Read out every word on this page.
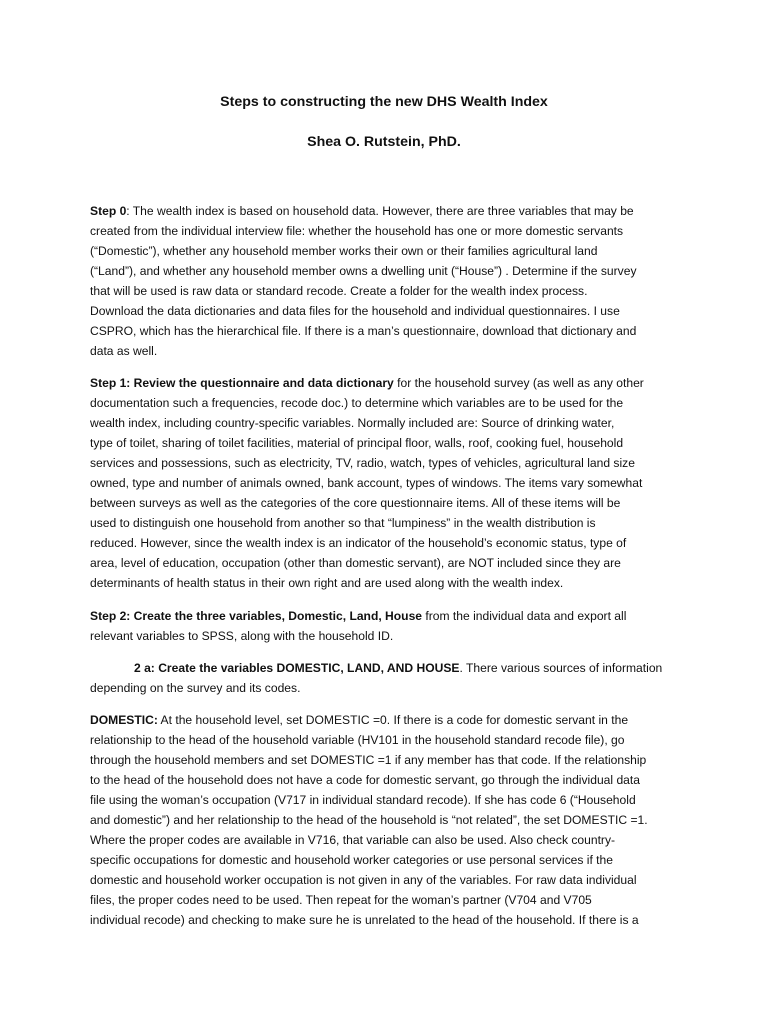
Steps to constructing the new DHS Wealth Index
Shea O. Rutstein, PhD.
Step 0: The wealth index is based on household data. However, there are three variables that may be
created from the individual interview file: whether the household has one or more domestic servants
(“Domestic”), whether any household member works their own or their families agricultural land
(“Land”), and whether any household member owns a dwelling unit (“House”) . Determine if the survey
that will be used is raw data or standard recode. Create a folder for the wealth index process.
Download the data dictionaries and data files for the household and individual questionnaires. I use
CSPRO, which has the hierarchical file. If there is a man’s questionnaire, download that dictionary and
data as well.
Step 1: Review the questionnaire and data dictionary for the household survey (as well as any other
documentation such a frequencies, recode doc.) to determine which variables are to be used for the
wealth index, including country-specific variables. Normally included are: Source of drinking water,
type of toilet, sharing of toilet facilities, material of principal floor, walls, roof, cooking fuel, household
services and possessions, such as electricity, TV, radio, watch, types of vehicles, agricultural land size
owned, type and number of animals owned, bank account, types of windows. The items vary somewhat
between surveys as well as the categories of the core questionnaire items. All of these items will be
used to distinguish one household from another so that “lumpiness” in the wealth distribution is
reduced. However, since the wealth index is an indicator of the household’s economic status, type of
area, level of education, occupation (other than domestic servant), are NOT included since they are
determinants of health status in their own right and are used along with the wealth index.
Step 2: Create the three variables, Domestic, Land, House from the individual data and export all
relevant variables to SPSS, along with the household ID.
2 a: Create the variables DOMESTIC, LAND, AND HOUSE. There various sources of information
depending on the survey and its codes.
DOMESTIC: At the household level, set DOMESTIC =0. If there is a code for domestic servant in the
relationship to the head of the household variable (HV101 in the household standard recode file), go
through the household members and set DOMESTIC =1 if any member has that code. If the relationship
to the head of the household does not have a code for domestic servant, go through the individual data
file using the woman’s occupation (V717 in individual standard recode). If she has code 6 (“Household
and domestic”) and her relationship to the head of the household is “not related”, the set DOMESTIC =1.
Where the proper codes are available in V716, that variable can also be used. Also check country-
specific occupations for domestic and household worker categories or use personal services if the
domestic and household worker occupation is not given in any of the variables. For raw data individual
files, the proper codes need to be used. Then repeat for the woman’s partner (V704 and V705
individual recode) and checking to make sure he is unrelated to the head of the household. If there is a
